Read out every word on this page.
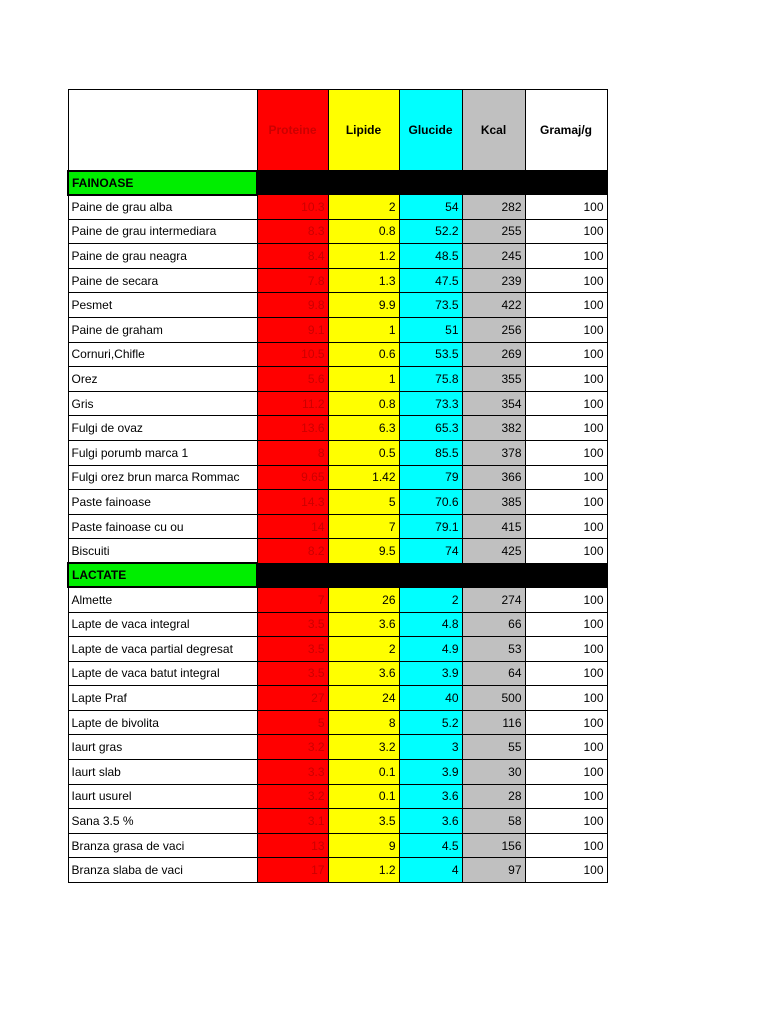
	Proteine	Lipide	Glucide	Kcal	Gramaj/g
FAINOASE					
Paine de grau alba	10.3	2	54	282	100
Paine de grau intermediara	8.3	0.8	52.2	255	100
Paine de grau neagra	8.4	1.2	48.5	245	100
Paine de secara	7.8	1.3	47.5	239	100
Pesmet	9.8	9.9	73.5	422	100
Paine de graham	9.1	1	51	256	100
Cornuri,Chifle	10.5	0.6	53.5	269	100
Orez	5.6	1	75.8	355	100
Gris	11.2	0.8	73.3	354	100
Fulgi de ovaz	13.6	6.3	65.3	382	100
Fulgi porumb marca 1	8	0.5	85.5	378	100
Fulgi orez brun marca Rommac	9.65	1.42	79	366	100
Paste fainoase	14.3	5	70.6	385	100
Paste fainoase cu ou	14	7	79.1	415	100
Biscuiti	8.2	9.5	74	425	100
LACTATE					
Almette	7	26	2	274	100
Lapte de vaca integral	3.5	3.6	4.8	66	100
Lapte de vaca partial degresat	3.5	2	4.9	53	100
Lapte de vaca batut integral	3.5	3.6	3.9	64	100
Lapte Praf	27	24	40	500	100
Lapte de bivolita	5	8	5.2	116	100
Iaurt gras	3.2	3.2	3	55	100
Iaurt slab	3.3	0.1	3.9	30	100
Iaurt usurel	3.2	0.1	3.6	28	100
Sana 3.5 %	3.1	3.5	3.6	58	100
Branza grasa de vaci	13	9	4.5	156	100
Branza slaba de vaci	17	1.2	4	97	100
